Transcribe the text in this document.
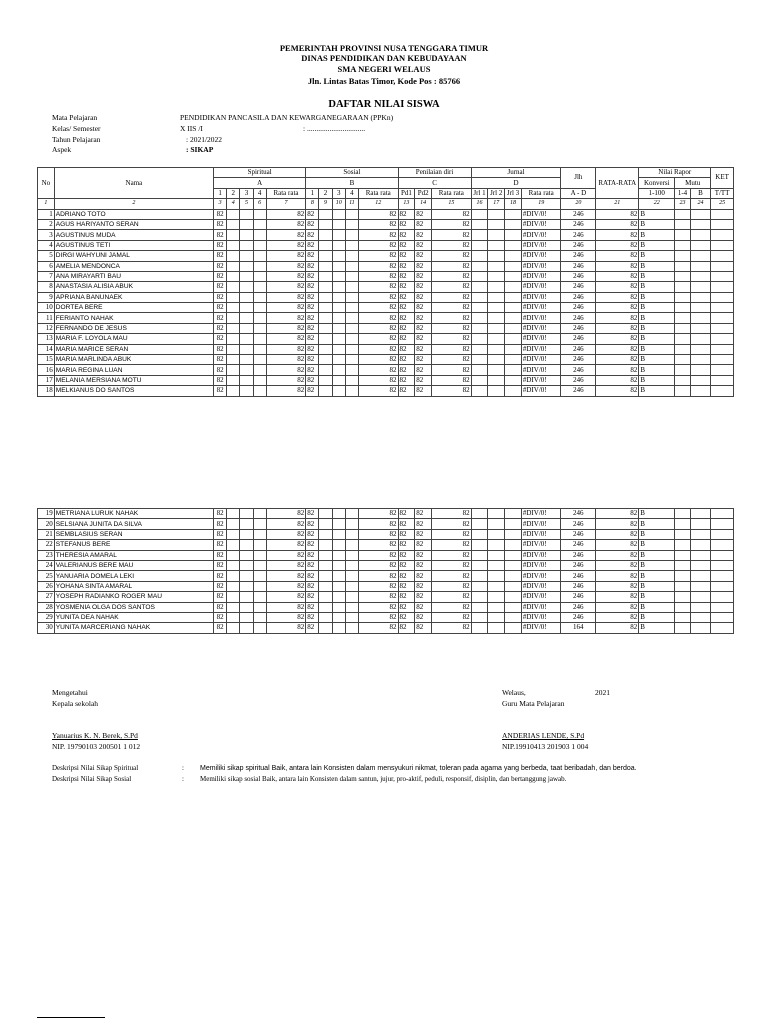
PEMERINTAH PROVINSI NUSA TENGGARA TIMUR
DINAS PENDIDIKAN DAN KEBUDAYAAN
SMA NEGERI WELAUS
Jln. Lintas Batas Timor, Kode Pos : 85766
DAFTAR NILAI SISWA
Mata Pelajaran	PENDIDIKAN PANCASILA DAN KEWARGANEGARAAN (PPKn)
Kelas/ Semester	X IIS /I	: ...............................
Tahun Pelajaran	: 2021/2022
Aspek	: SIKAP
No	Nama	Spiritual					Sosial					Penilaian diri			Jurnal				Jlh	RATA-RATA	Nilai Rapor			KET
		A					B					C			D						Konversi	Mutu		
		1	2	3	4	Rata rata	1	2	3	4	Rata rata	Pd1	Pd2	Rata rata	Jrl 1	Jrl 2	Jrl 3	Rata rata	A - D		1-100	1-4	B	T/TT
1	2	3	4	5	6	7	8	9	10	11	12	13	14	15	16	17	18	19	20	21	22	23	24	25
1	ADRIANO TOTO	82				82	82				82	82	82	82				#DIV/0!	246	82	B			
2	AGUS HARIYANTO SERAN	82				82	82				82	82	82	82				#DIV/0!	246	82	B			
3	AGUSTINUS MUDA	82				82	82				82	82	82	82				#DIV/0!	246	82	B			
4	AGUSTINUS TETI	82				82	82				82	82	82	82				#DIV/0!	246	82	B			
5	DIRGI WAHYUNI JAMAL	82				82	82				82	82	82	82				#DIV/0!	246	82	B			
6	AMELIA MENDONCA	82				82	82				82	82	82	82				#DIV/0!	246	82	B			
7	ANA MIRAYARTI BAU	82				82	82				82	82	82	82				#DIV/0!	246	82	B			
8	ANASTASIA ALISIA ABUK	82				82	82				82	82	82	82				#DIV/0!	246	82	B			
9	APRIANA BANUNAEK	82				82	82				82	82	82	82				#DIV/0!	246	82	B			
10	DORTEA BERE	82				82	82				82	82	82	82				#DIV/0!	246	82	B			
11	FERIANTO NAHAK	82				82	82				82	82	82	82				#DIV/0!	246	82	B			
12	FERNANDO DE JESUS	82				82	82				82	82	82	82				#DIV/0!	246	82	B			
13	MARIA F. LOYOLA MAU	82				82	82				82	82	82	82				#DIV/0!	246	82	B			
14	MARIA MARICE SERAN	82				82	82				82	82	82	82				#DIV/0!	246	82	B			
15	MARIA MARLINDA ABUK	82				82	82				82	82	82	82				#DIV/0!	246	82	B			
16	MARIA REGINA LUAN	82				82	82				82	82	82	82				#DIV/0!	246	82	B			
17	MELANIA MERSIANA MOTU	82				82	82				82	82	82	82				#DIV/0!	246	82	B			
18	MELKIANUS DO SANTOS	82				82	82				82	82	82	82				#DIV/0!	246	82	B			
19	METRIANA LURUK NAHAK	82				82	82				82	82	82	82				#DIV/0!	246	82	B			
20	SELSIANA JUNITA DA SILVA	82				82	82				82	82	82	82				#DIV/0!	246	82	B			
21	SEMBLASIUS SERAN	82				82	82				82	82	82	82				#DIV/0!	246	82	B			
22	STEFANUS BERE	82				82	82				82	82	82	82				#DIV/0!	246	82	B			
23	THERESIA AMARAL	82				82	82				82	82	82	82				#DIV/0!	246	82	B			
24	VALERIANUS BERE MAU	82				82	82				82	82	82	82				#DIV/0!	246	82	B			
25	YANUARIA DOMELA LEKI	82				82	82				82	82	82	82				#DIV/0!	246	82	B			
26	YOHANA SINTA AMARAL	82				82	82				82	82	82	82				#DIV/0!	246	82	B			
27	YOSEPH RADIANKO ROGER MAU	82				82	82				82	82	82	82				#DIV/0!	246	82	B			
28	YOSMENIA OLGA DOS SANTOS	82				82	82				82	82	82	82				#DIV/0!	246	82	B			
29	YUNITA DEA NAHAK	82				82	82				82	82	82	82				#DIV/0!	246	82	B			
30	YUNITA MARCERIANG NAHAK	82				82	82				82	82	82	82				#DIV/0!	164	82	B			
Mengetahui
Kepala sekolah
Yanuarius K. N. Berek, S.Pd
NIP. 19790103 200501 1 012
Welaus,	2021
Guru Mata Pelajaran
ANDERIAS LENDE, S.Pd
NIP.19910413 201903 1 004
Deskripsi Nilai Sikap Spiritual	: Memiliki sikap spiritual Baik, antara lain Konsisten dalam mensyukuri nikmat, toleran pada agama yang berbeda, taat beribadah, dan berdoa.
Deskripsi Nilai Sikap Sosial	: Memiliki sikap sosial Baik, antara lain Konsisten dalam santun, jujur, pro-aktif, peduli, responsif, disiplin, dan bertanggung jawab.
